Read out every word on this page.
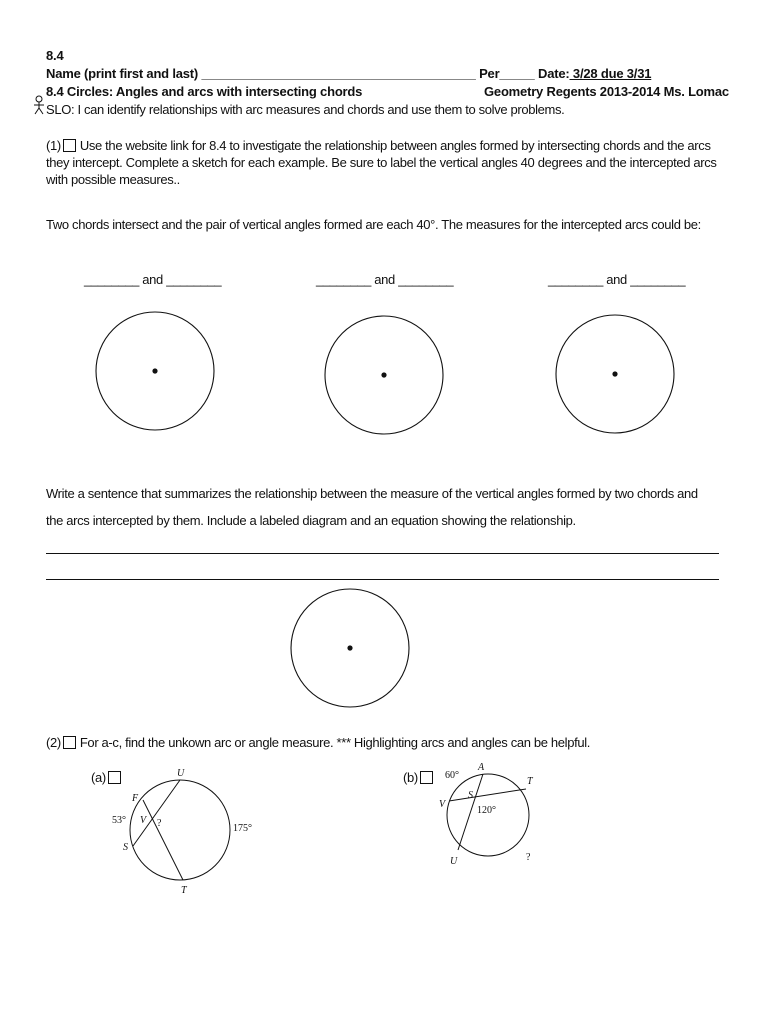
8.4
Name (print first and last) _______________________________________ Per_____ Date: 3/28 due 3/31
8.4 Circles: Angles and arcs with intersecting chords	Geometry Regents 2013-2014 Ms. Lomac
SLO: I can identify relationships with arc measures and chords and use them to solve problems.
(1) Use the website link for 8.4 to investigate the relationship between angles formed by intersecting chords and the arcs they intercept. Complete a sketch for each example. Be sure to label the vertical angles 40 degrees and the intercepted arcs with possible measures..
Two chords intersect and the pair of vertical angles formed are each 40°. The measures for the intercepted arcs could be:
________ and ________	________ and ________	________ and ________
Write a sentence that summarizes the relationship between the measure of the vertical angles formed by two chords and
the arcs intercepted by them. Include a labeled diagram and an equation showing the relationship.
(2) For a-c, find the unkown arc or angle measure. *** Highlighting arcs and angles can be helpful.
(a)	U
F
V
S
T
53°	?	175°
(b)
A
T
S
V
U
60°
120°
?
